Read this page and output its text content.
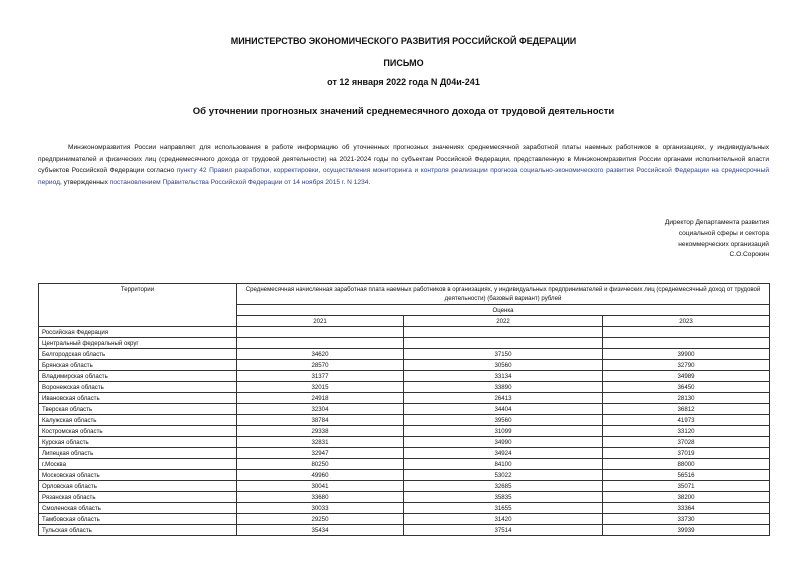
МИНИСТЕРСТВО ЭКОНОМИЧЕСКОГО РАЗВИТИЯ РОССИЙСКОЙ ФЕДЕРАЦИИ
ПИСЬМО
от 12 января 2022 года N Д04и-241
Об уточнении прогнозных значений среднемесячного дохода от трудовой деятельности

Минэкономразвития России направляет для использования в работе информацию об уточненных прогнозных значениях среднемесячной заработной платы наемных работников в организациях, у индивидуальных предпринимателей и физических лиц (среднемесячного дохода от трудовой деятельности) на 2021-2024 годы по субъектам Российской Федерации, представленную в Минэкономразвития России органами исполнительной власти субъектов Российской Федерации согласно пункту 42 Правил разработки, корректировки, осуществления мониторинга и контроля реализации прогноза социально-экономического развития Российской Федерации на среднесрочный период, утвержденных постановлением Правительства Российской Федерации от 14 ноября 2015 г. N 1234.

Директор Департамента развития
социальной сферы и сектора
некоммерческих организаций
С.О.Сорокин
Территории	Среднемесячная начисленная заработная плата наемных работников в организациях, у индивидуальных предпринимателей и физических лиц (среднемесячный доход от трудовой деятельности) (базовый вариант) рублей			
	Оценка			
	2021	2022	2023	
Российская Федерация				
Центральный федеральный округ				
Белгородская область	34620	37150	39900	
Брянская область	28570	30560	32790	
Владимирская область	31377	33134	34989	
Воронежская область	32015	33890	36450	
Ивановская область	24918	26413	28130	
Тверская область	32304	34404	36812	
Калужская область	38784	39560	41973	
Костромская область	29338	31099	33120	
Курская область	32831	34990	37028	
Липецкая область	32947	34924	37019	
г.Москва	80250	84100	88000	
Московская область	49960	53022	56516	
Орловская область	30041	32685	35071	
Рязанская область	33680	35835	38200	
Смоленская область	30033	31655	33364	
Тамбовская область	29250	31420	33730	
Тульская область	35434	37514	39939	
